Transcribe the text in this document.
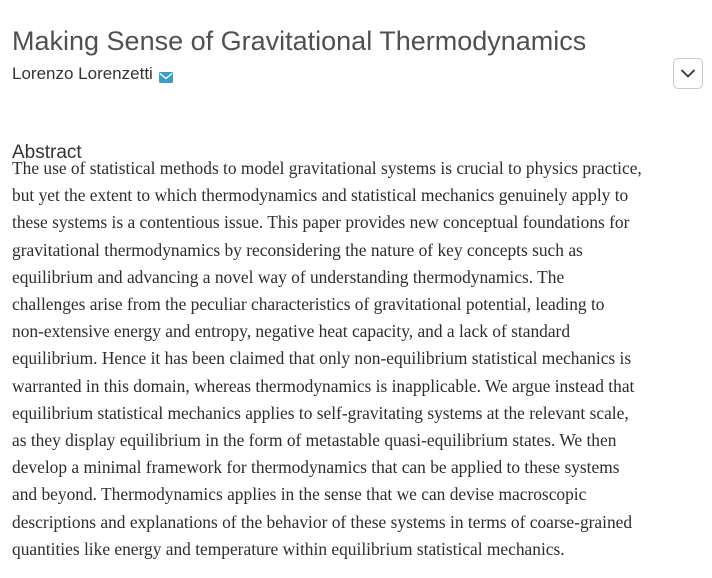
Making Sense of Gravitational Thermodynamics
Lorenzo Lorenzetti
Abstract

The use of statistical methods to model gravitational systems is crucial to physics practice,
but yet the extent to which thermodynamics and statistical mechanics genuinely apply to
these systems is a contentious issue. This paper provides new conceptual foundations for
gravitational thermodynamics by reconsidering the nature of key concepts such as
equilibrium and advancing a novel way of understanding thermodynamics. The
challenges arise from the peculiar characteristics of gravitational potential, leading to
non-extensive energy and entropy, negative heat capacity, and a lack of standard
equilibrium. Hence it has been claimed that only non-equilibrium statistical mechanics is
warranted in this domain, whereas thermodynamics is inapplicable. We argue instead that
equilibrium statistical mechanics applies to self-gravitating systems at the relevant scale,
as they display equilibrium in the form of metastable quasi-equilibrium states. We then
develop a minimal framework for thermodynamics that can be applied to these systems
and beyond. Thermodynamics applies in the sense that we can devise macroscopic
descriptions and explanations of the behavior of these systems in terms of coarse-grained
quantities like energy and temperature within equilibrium statistical mechanics.
